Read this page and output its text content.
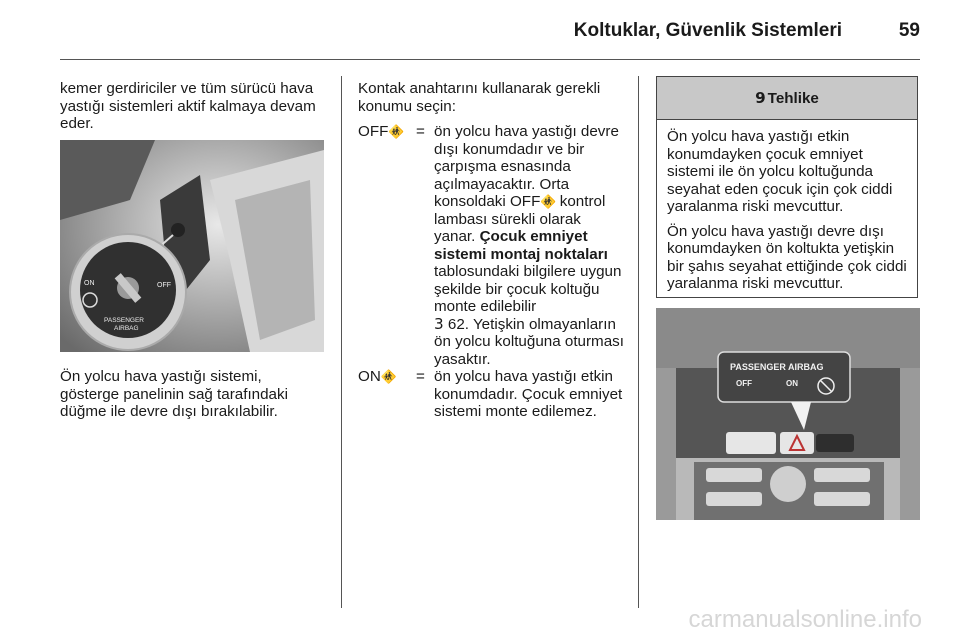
Koltuklar, Güvenlik Sistemleri	59
kemer gerdiriciler ve tüm sürücü hava yastığı sistemleri aktif kalmaya devam eder.
ON	OFF
PASSENGER
AIRBAG
Ön yolcu hava yastığı sistemi, gösterge panelinin sağ tarafındaki düğme ile devre dışı bırakılabilir.
Kontak anahtarını kullanarak gerekli konumu seçin:
OFF🚸 = ön yolcu hava yastığı devre dışı konumdadır ve bir çarpışma esnasında açılmayacaktır. Orta konsoldaki OFF🚸 kontrol lambası sürekli olarak yanar. Çocuk emniyet sistemi montaj noktaları tablosundaki bilgilere uygun şekilde bir çocuk koltuğu monte edilebilir
3 62. Yetişkin olmayanların ön yolcu koltuğuna oturması yasaktır.
ON🚸	= ön yolcu hava yastığı etkin konumdadır. Çocuk emniyet sistemi monte edilemez.
9 Tehlike

Ön yolcu hava yastığı etkin konumdayken çocuk emniyet sistemi ile ön yolcu koltuğunda seyahat eden çocuk için çok ciddi yaralanma riski mevcuttur.

Ön yolcu hava yastığı devre dışı konumdayken ön koltukta yetişkin bir şahıs seyahat ettiğinde çok ciddi yaralanma riski mevcuttur.

PASSENGER AIRBAG
OFF	ON
carmanualsonline.info
